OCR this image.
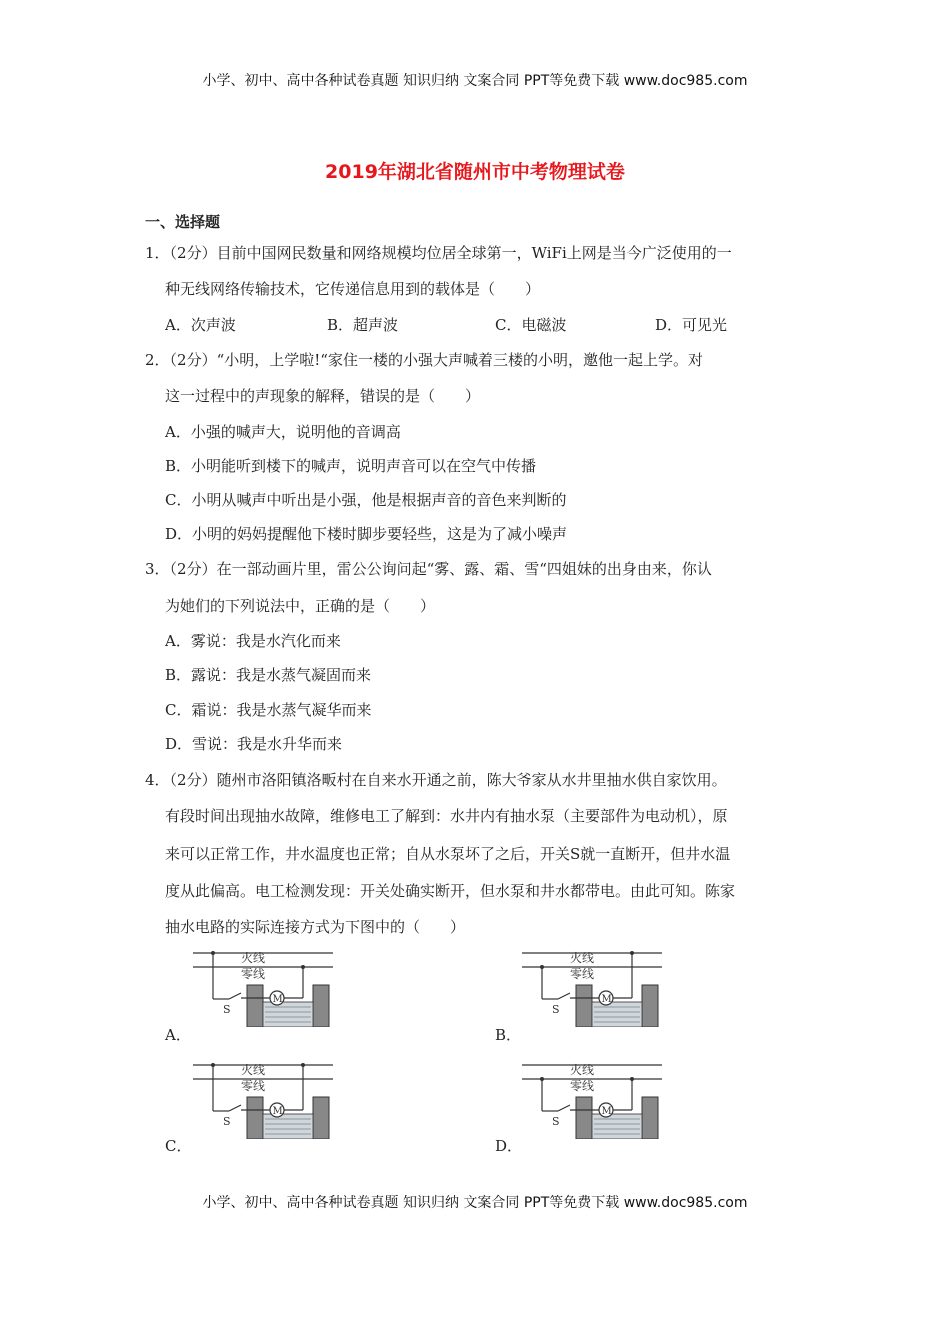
小学、初中、高中各种试卷真题 知识归纳 文案合同 PPT等免费下载 www.doc985.com
2019年湖北省随州市中考物理试卷
一、选择题
1．（2分）目前中国网民数量和网络规模均位居全球第一，WiFi上网是当今广泛使用的一
种无线网络传输技术，它传递信息用到的载体是（　　）
A．次声波	B．超声波	C．电磁波	D．可见光
2．（2分）“小明，上学啦!“家住一楼的小强大声喊着三楼的小明，邀他一起上学。对
这一过程中的声现象的解释，错误的是（　　）
A．小强的喊声大，说明他的音调高
B．小明能听到楼下的喊声，说明声音可以在空气中传播
C．小明从喊声中听出是小强，他是根据声音的音色来判断的
D．小明的妈妈提醒他下楼时脚步要轻些，这是为了减小噪声
3．（2分）在一部动画片里，雷公公询问起“雾、露、霜、雪“四姐妹的出身由来，你认
为她们的下列说法中，正确的是（　　）
A．雾说：我是水汽化而来
B．露说：我是水蒸气凝固而来
C．霜说：我是水蒸气凝华而来
D．雪说：我是水升华而来
4．（2分）随州市洛阳镇洛畈村在自来水开通之前，陈大爷家从水井里抽水供自家饮用。
有段时间出现抽水故障，维修电工了解到：水井内有抽水泵（主要部件为电动机），原
来可以正常工作，井水温度也正常；自从水泵坏了之后，开关S就一直断开，但井水温
度从此偏高。电工检测发现：开关处确实断开，但水泵和井水都带电。由此可知。陈家
抽水电路的实际连接方式为下图中的（　　）
火线
零线
S
M
火线
零线
S
M
火线
零线
S
M
火线
零线
S
M
A．	B．
C．	D．
小学、初中、高中各种试卷真题 知识归纳 文案合同 PPT等免费下载 www.doc985.com
